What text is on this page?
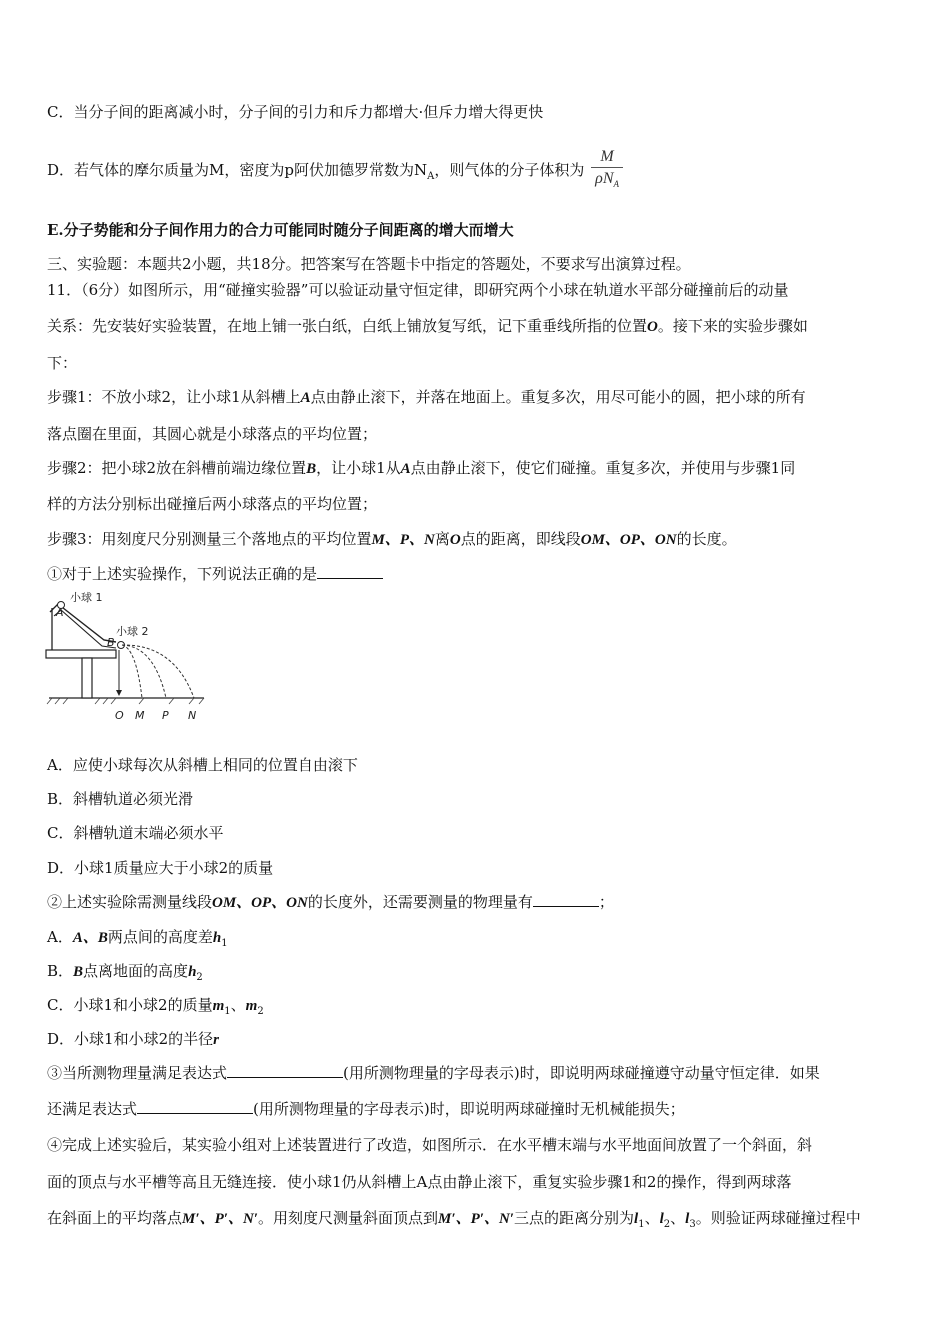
C．当分子间的距离减小时，分子间的引力和斥力都增大·但斥力增大得更快
D．若气体的摩尔质量为M，密度为p阿伏加德罗常数为$N_A$，则气体的分子体积为 $\frac{M}{\rho N_A}$
E.分子势能和分子间作用力的合力可能同时随分子间距离的增大而增大
三、实验题：本题共2小题，共18分。把答案写在答题卡中指定的答题处，不要求写出演算过程。
11．（6分）如图所示，用“碰撞实验器”可以验证动量守恒定律，即研究两个小球在轨道水平部分碰撞前后的动量
关系：先安装好实验装置，在地上铺一张白纸，白纸上铺放复写纸，记下重垂线所指的位置O。接下来的实验步骤如
下：
步骤1：不放小球2，让小球1从斜槽上A点由静止滚下，并落在地面上。重复多次，用尽可能小的圆，把小球的所有
落点圈在里面，其圆心就是小球落点的平均位置；
步骤2：把小球2放在斜槽前端边缘位置B，让小球1从A点由静止滚下，使它们碰撞。重复多次，并使用与步骤1同
样的方法分别标出碰撞后两小球落点的平均位置；
步骤3：用刻度尺分别测量三个落地点的平均位置M、P、N离O点的距离，即线段OM、OP、ON的长度。
①对于上述实验操作，下列说法正确的是
小球 1
A
小球 2
B
O M P N
A．应使小球每次从斜槽上相同的位置自由滚下
B．斜槽轨道必须光滑
C．斜槽轨道末端必须水平
D．小球1质量应大于小球2的质量
②上述实验除需测量线段OM、OP、ON的长度外，还需要测量的物理量有	；
A．A、B两点间的高度差$h_1$
B．B点离地面的高度$h_2$
C．小球1和小球2的质量$m_1$、$m_2$
D．小球1和小球2的半径r
③当所测物理量满足表达式	(用所测物理量的字母表示)时，即说明两球碰撞遵守动量守恒定律．如果
还满足表达式	(用所测物理量的字母表示)时，即说明两球碰撞时无机械能损失；
④完成上述实验后，某实验小组对上述装置进行了改造，如图所示．在水平槽末端与水平地面间放置了一个斜面，斜
面的顶点与水平槽等高且无缝连接．使小球1仍从斜槽上A点由静止滚下，重复实验步骤1和2的操作，得到两球落
在斜面上的平均落点M′、P′、N′。用刻度尺测量斜面顶点到M′、P′、N′三点的距离分别为$l_1$、$l_2$、$l_3$。则验证两球碰撞过程中
